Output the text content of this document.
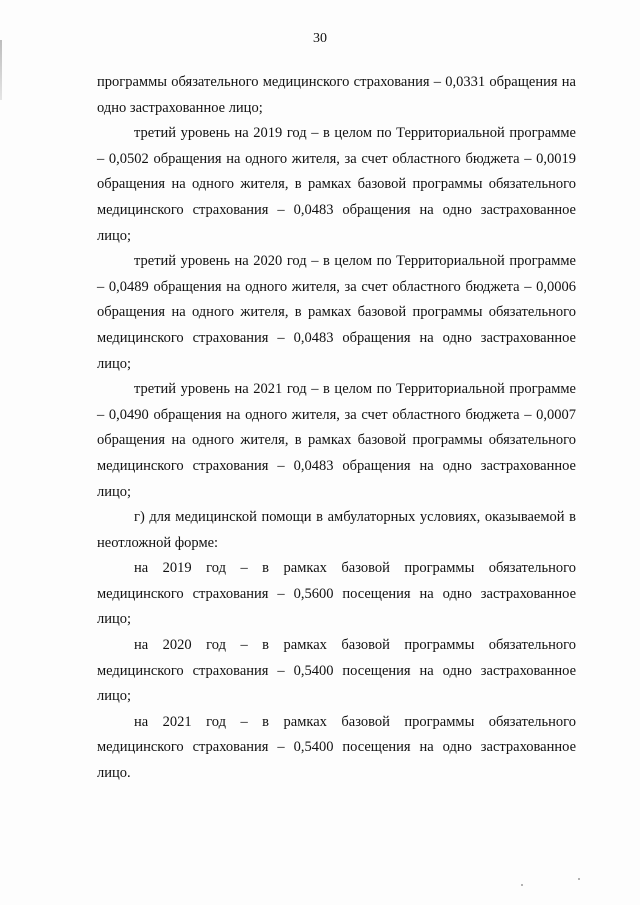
30

программы обязательного медицинского страхования – 0,0331 обращения на одно застрахованное лицо;

третий уровень на 2019 год – в целом по Территориальной программе – 0,0502 обращения на одного жителя, за счет областного бюджета – 0,0019 обращения на одного жителя, в рамках базовой программы обязательного медицинского страхования – 0,0483 обращения на одно застрахованное лицо;

третий уровень на 2020 год – в целом по Территориальной программе – 0,0489 обращения на одного жителя, за счет областного бюджета – 0,0006 обращения на одного жителя, в рамках базовой программы обязательного медицинского страхования – 0,0483 обращения на одно застрахованное лицо;

третий уровень на 2021 год – в целом по Территориальной программе – 0,0490 обращения на одного жителя, за счет областного бюджета – 0,0007 обращения на одного жителя, в рамках базовой программы обязательного медицинского страхования – 0,0483 обращения на одно застрахованное лицо;

г) для медицинской помощи в амбулаторных условиях, оказываемой в неотложной форме:

на 2019 год – в рамках базовой программы обязательного медицинского страхования – 0,5600 посещения на одно застрахованное лицо;

на 2020 год – в рамках базовой программы обязательного медицинского страхования – 0,5400 посещения на одно застрахованное лицо;

на 2021 год – в рамках базовой программы обязательного медицинского страхования – 0,5400 посещения на одно застрахованное лицо.
